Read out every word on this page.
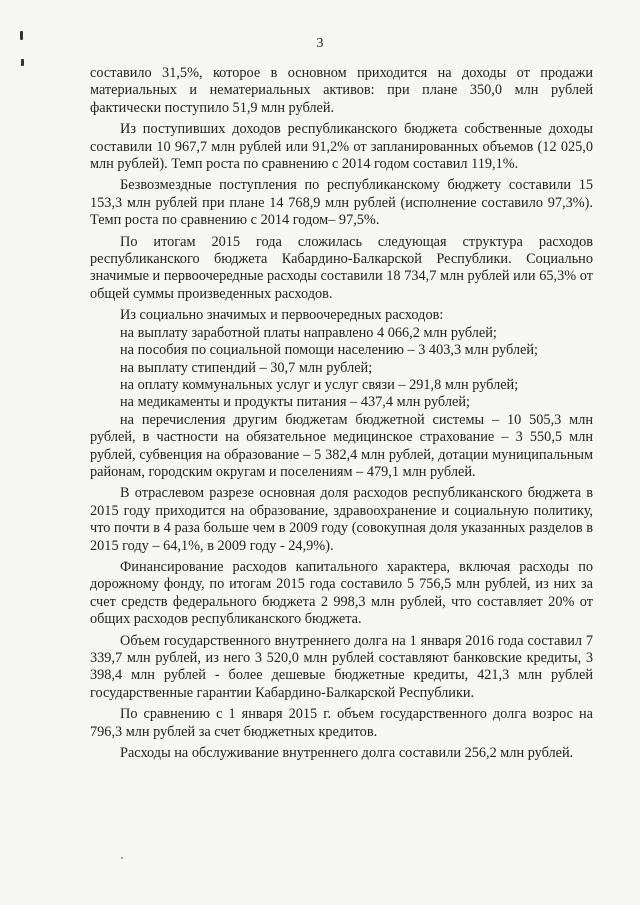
3

составило 31,5%, которое в основном приходится на доходы от продажи материальных и нематериальных активов: при плане 350,0 млн рублей фактически поступило 51,9 млн рублей.

Из поступивших доходов республиканского бюджета собственные доходы составили 10 967,7 млн рублей или 91,2% от запланированных объемов (12 025,0 млн рублей). Темп роста по сравнению с 2014 годом составил 119,1%.

Безвозмездные поступления по республиканскому бюджету составили 15 153,3 млн рублей при плане 14 768,9 млн рублей (исполнение составило 97,3%). Темп роста по сравнению с 2014 годом– 97,5%.

По итогам 2015 года сложилась следующая структура расходов республиканского бюджета Кабардино-Балкарской Республики. Социально значимые и первоочередные расходы составили 18 734,7 млн рублей или 65,3% от общей суммы произведенных расходов.

Из социально значимых и первоочередных расходов:

на выплату заработной платы направлено 4 066,2 млн рублей;

на пособия по социальной помощи населению – 3 403,3 млн рублей;

на выплату стипендий – 30,7 млн рублей;

на оплату коммунальных услуг и услуг связи – 291,8 млн рублей;

на медикаменты и продукты питания – 437,4 млн рублей;

на перечисления другим бюджетам бюджетной системы – 10 505,3 млн рублей, в частности на обязательное медицинское страхование – 3 550,5 млн рублей, субвенция на образование – 5 382,4 млн рублей, дотации муниципальным районам, городским округам и поселениям – 479,1 млн рублей.

В отраслевом разрезе основная доля расходов республиканского бюджета в 2015 году приходится на образование, здравоохранение и социальную политику, что почти в 4 раза больше чем в 2009 году (совокупная доля указанных разделов в 2015 году – 64,1%, в 2009 году - 24,9%).

Финансирование расходов капитального характера, включая расходы по дорожному фонду, по итогам 2015 года составило 5 756,5 млн рублей, из них за счет средств федерального бюджета 2 998,3 млн рублей, что составляет 20% от общих расходов республиканского бюджета.

Объем государственного внутреннего долга на 1 января 2016 года составил 7 339,7 млн рублей, из него 3 520,0 млн рублей составляют банковские кредиты, 3 398,4 млн рублей - более дешевые бюджетные кредиты, 421,3 млн рублей государственные гарантии Кабардино-Балкарской Республики.

По сравнению с 1 января 2015 г. объем государственного долга возрос на 796,3 млн рублей за счет бюджетных кредитов.

Расходы на обслуживание внутреннего долга составили 256,2 млн рублей.
